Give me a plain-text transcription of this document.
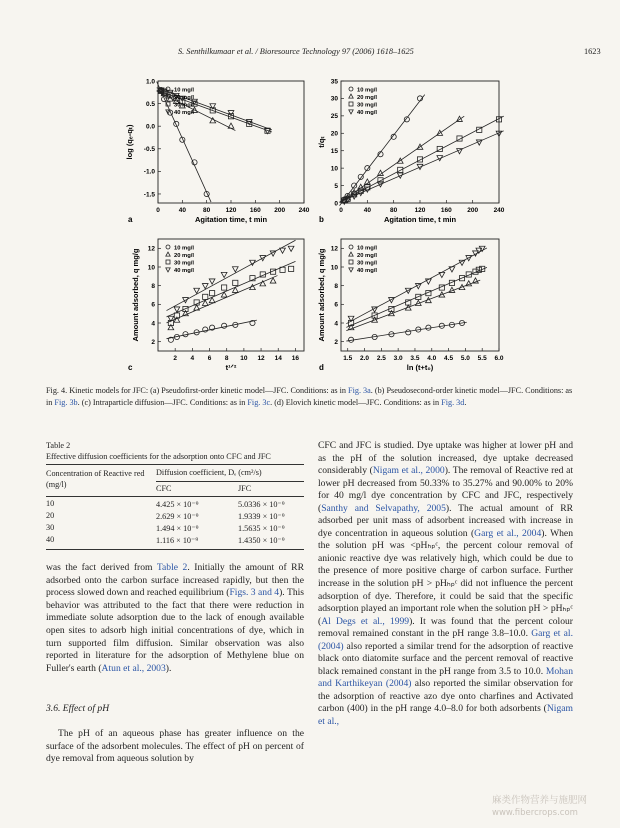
S. Senthilkumaar et al. / Bioresource Technology 97 (2006) 1618–1625	1623
0	40	80 120 160 200 240
1.0
0.5
0.0
-0.5
-1.0
-1.5
Agitation time, t min
log (qₑ-qₜ)
a
10 mg/l
20 mg/l
30 mg/l
40 mg/l
0	40	80	120 160 200 240
0
5
10
15
20
25
30
35
Agitation time, t min
t/qₜ
b
10 mg/l
20 mg/l
30 mg/l
40 mg/l
2 4 6 8 10 12 14 16
2
4
6
8
10
12
t¹ᐟ²
Amount adsorbed, q mg/g
c
10 mg/l
20 mg/l
30 mg/l
40 mg/l
1.5 2.0 2.5 3.0 3.5 4.0 4.5 5.0 5.5 6.0
2
4
6
8
10
12
ln (t+t₀)
Amount adsorbed, q mg/g
d
10 mg/l
20 mg/l
30 mg/l
40 mg/l
Fig. 4. Kinetic models for JFC: (a) Pseudofirst-order kinetic model—JFC. Conditions: as in Fig. 3a. (b) Pseudosecond-order kinetic model—JFC. Conditions: as in Fig. 3b. (c) Intraparticle diffusion—JFC. Conditions: as in Fig. 3c. (d) Elovich kinetic model—JFC. Conditions: as in Fig. 3d.
Table 2
Effective diffusion coefficients for the adsorption onto CFC and JFC
Concentration of Reactive red (mg/l)
Diffusion coefficient, Dₑ (cm²/s)
CFC	JFC
10	4.425 × 10⁻⁹	5.0336 × 10⁻⁹
20	2.629 × 10⁻⁹	1.9339 × 10⁻⁹
30	1.494 × 10⁻⁹	1.5635 × 10⁻⁹
40	1.116 × 10⁻⁹	1.4350 × 10⁻⁹
was the fact derived from Table 2. Initially the amount of RR adsorbed onto the carbon surface increased rapidly, but then the process slowed down and reached equilibrium (Figs. 3 and 4). This behavior was attributed to the fact that there were reduction in immediate solute adsorption due to the lack of enough available open sites to adsorb high initial concentrations of dye, which in turn supported film diffusion. Similar observation was also reported in literature for the adsorption of Methylene blue on Fuller's earth (Atun et al., 2003).
3.6. Effect of pH
The pH of an aqueous phase has greater influence on the surface of the adsorbent molecules. The effect of pH on percent of dye removal from aqueous solution by
CFC and JFC is studied. Dye uptake was higher at lower pH and as the pH of the solution increased, dye uptake decreased considerably (Nigam et al., 2000). The removal of Reactive red at lower pH decreased from 50.33% to 35.27% and 90.00% to 20% for 40 mg/l dye concentration by CFC and JFC, respectively (Santhy and Selvapathy, 2005). The actual amount of RR adsorbed per unit mass of adsorbent increased with increase in dye concentration in aqueous solution (Garg et al., 2004). When the solution pH was <pHₕₚᶜ, the percent colour removal of anionic reactive dye was relatively high, which could be due to the presence of more positive charge of carbon surface. Further increase in the solution pH > pHₕₚᶜ did not influence the percent adsorption of dye. Therefore, it could be said that the specific adsorption played an important role when the solution pH > pHₕₚᶜ (Al Degs et al., 1999). It was found that the percent colour removal remained constant in the pH range 3.8–10.0. Garg et al. (2004) also reported a similar trend for the adsorption of reactive black onto diatomite surface and the percent removal of reactive black remained constant in the pH range from 3.5 to 10.0. Mohan and Karthikeyan (2004) also reported the similar observation for the adsorption of reactive azo dye onto charfines and Activated carbon (400) in the pH range 4.0–8.0 for both adsorbents (Nigam et al.,
麻类作物营养与施肥网
www.fibercrops.com
